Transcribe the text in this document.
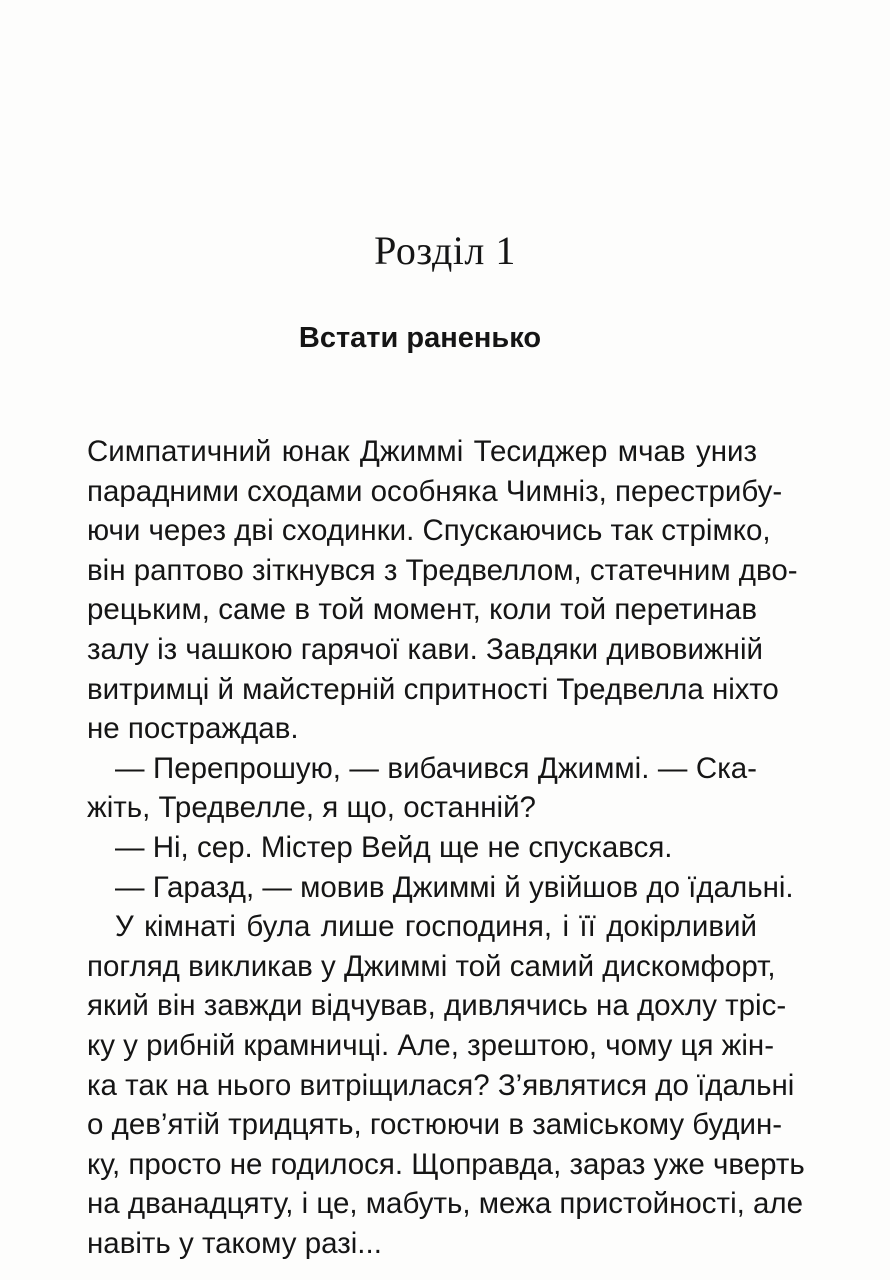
Розділ 1
Встати раненько
Симпатичний юнак Джиммі Тесиджер мчав униз
парадними сходами особняка Чимніз, перестрибу-
ючи через дві сходинки. Спускаючись так стрімко,
він раптово зіткнувся з Тредвеллом, статечним дво-
рецьким, саме в той момент, коли той перетинав
залу із чашкою гарячої кави. Завдяки дивовижній
витримці й майстерній спритності Тредвелла ніхто
не постраждав.
— Перепрошую, — вибачився Джиммі. — Ска-
жіть, Тредвелле, я що, останній?
— Ні, сер. Містер Вейд ще не спускався.
— Гаразд, — мовив Джиммі й увійшов до їдальні.
У кімнаті була лише господиня, і її докірливий
погляд викликав у Джиммі той самий дискомфорт,
який він завжди відчував, дивлячись на дохлу тріс-
ку у рибній крамничці. Але, зрештою, чому ця жін-
ка так на нього витріщилася? З’являтися до їдальні
о дев’ятій тридцять, гостюючи в заміському будин-
ку, просто не годилося. Щоправда, зараз уже чверть
на дванадцяту, і це, мабуть, межа пристойності, але
навіть у такому разі...
